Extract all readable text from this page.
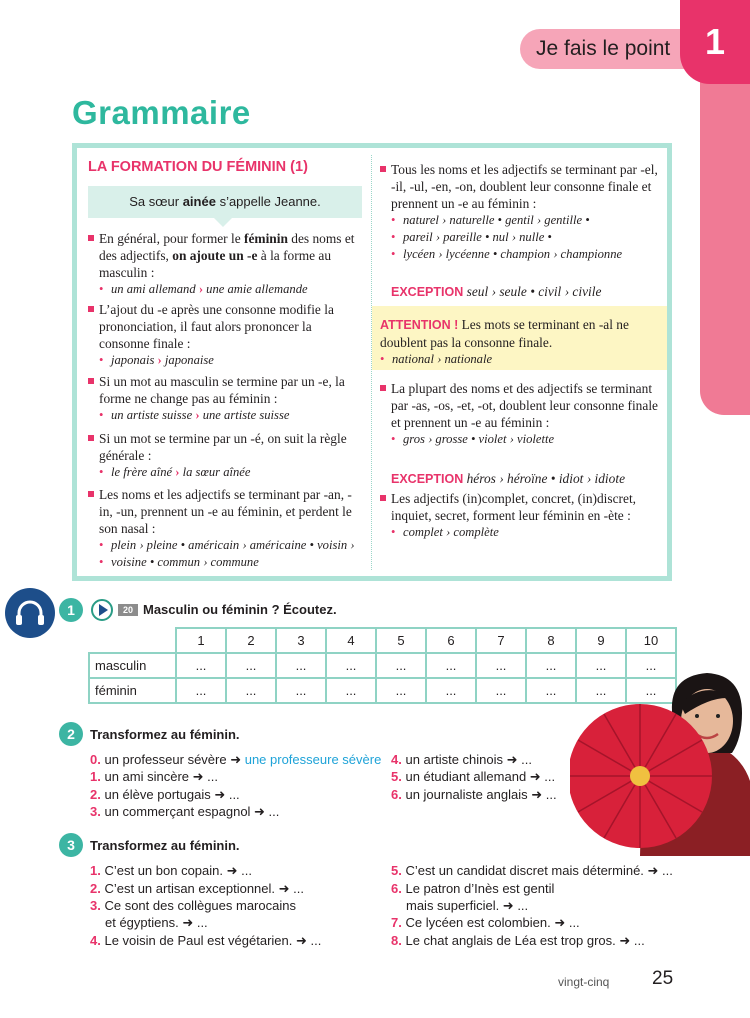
Je fais le point 1
Grammaire
LA FORMATION DU FÉMININ (1)
Sa sœur ainée s’appelle Jeanne.
En général, pour former le féminin des noms et des adjectifs, on ajoute un -e à la forme au masculin :
• un ami allemand › une amie allemande
L’ajout du -e après une consonne modifie la prononciation, il faut alors prononcer la consonne finale :
• japonais › japonaise
Si un mot au masculin se termine par un -e, la forme ne change pas au féminin :
• un artiste suisse › une artiste suisse
Si un mot se termine par un -é, on suit la règle générale :
• le frère aîné › la sœur aînée
Les noms et les adjectifs se terminant par -an, -in, -un, prennent un -e au féminin, et perdent le son nasal :
• plein › pleine • américain › américaine • voisin ›
• voisine • commun › commune
Tous les noms et les adjectifs se terminant par -el, -il, -ul, -en, -on, doublent leur consonne finale et prennent un -e au féminin :
• naturel › naturelle • gentil › gentille •
• pareil › pareille • nul › nulle •
• lycéen › lycéenne • champion › championne
EXCEPTION seul › seule • civil › civile
ATTENTION ! Les mots se terminant en -al ne doublent pas la consonne finale.
• national › nationale
La plupart des noms et des adjectifs se terminant par -as, -os, -et, -ot, doublent leur consonne finale et prennent un -e au féminin :
• gros › grosse • violet › violette
EXCEPTION héros › héroïne • idiot › idiote
Les adjectifs (in)complet, concret, (in)discret, inquiet, secret, forment leur féminin en -ète :
• complet › complète
1	20 Masculin ou féminin ? Écoutez.
	1	2	3	4	5	6	7	8	9	10
masculin	...	...	...	...	...	...	...	...	...	...
féminin	...	...	...	...	...	...	...	...	...	...
2	Transformez au féminin.
0. un professeur sévère ➜ une professeure sévère
1. un ami sincère ➜ ...
2. un élève portugais ➜ ...
3. un commerçant espagnol ➜ ...
4. un artiste chinois ➜ ...
5. un étudiant allemand ➜ ...
6. un journaliste anglais ➜ ...
3	Transformez au féminin.
1. C’est un bon copain. ➜ ...
2. C’est un artisan exceptionnel. ➜ ...
3. Ce sont des collègues marocains
et égyptiens. ➜ ...
4. Le voisin de Paul est végétarien. ➜ ...
5. C’est un candidat discret mais déterminé. ➜ ...
6. Le patron d’Inès est gentil
mais superficiel. ➜ ...
7. Ce lycéen est colombien. ➜ ...
8. Le chat anglais de Léa est trop gros. ➜ ...
vingt-cinq 25
